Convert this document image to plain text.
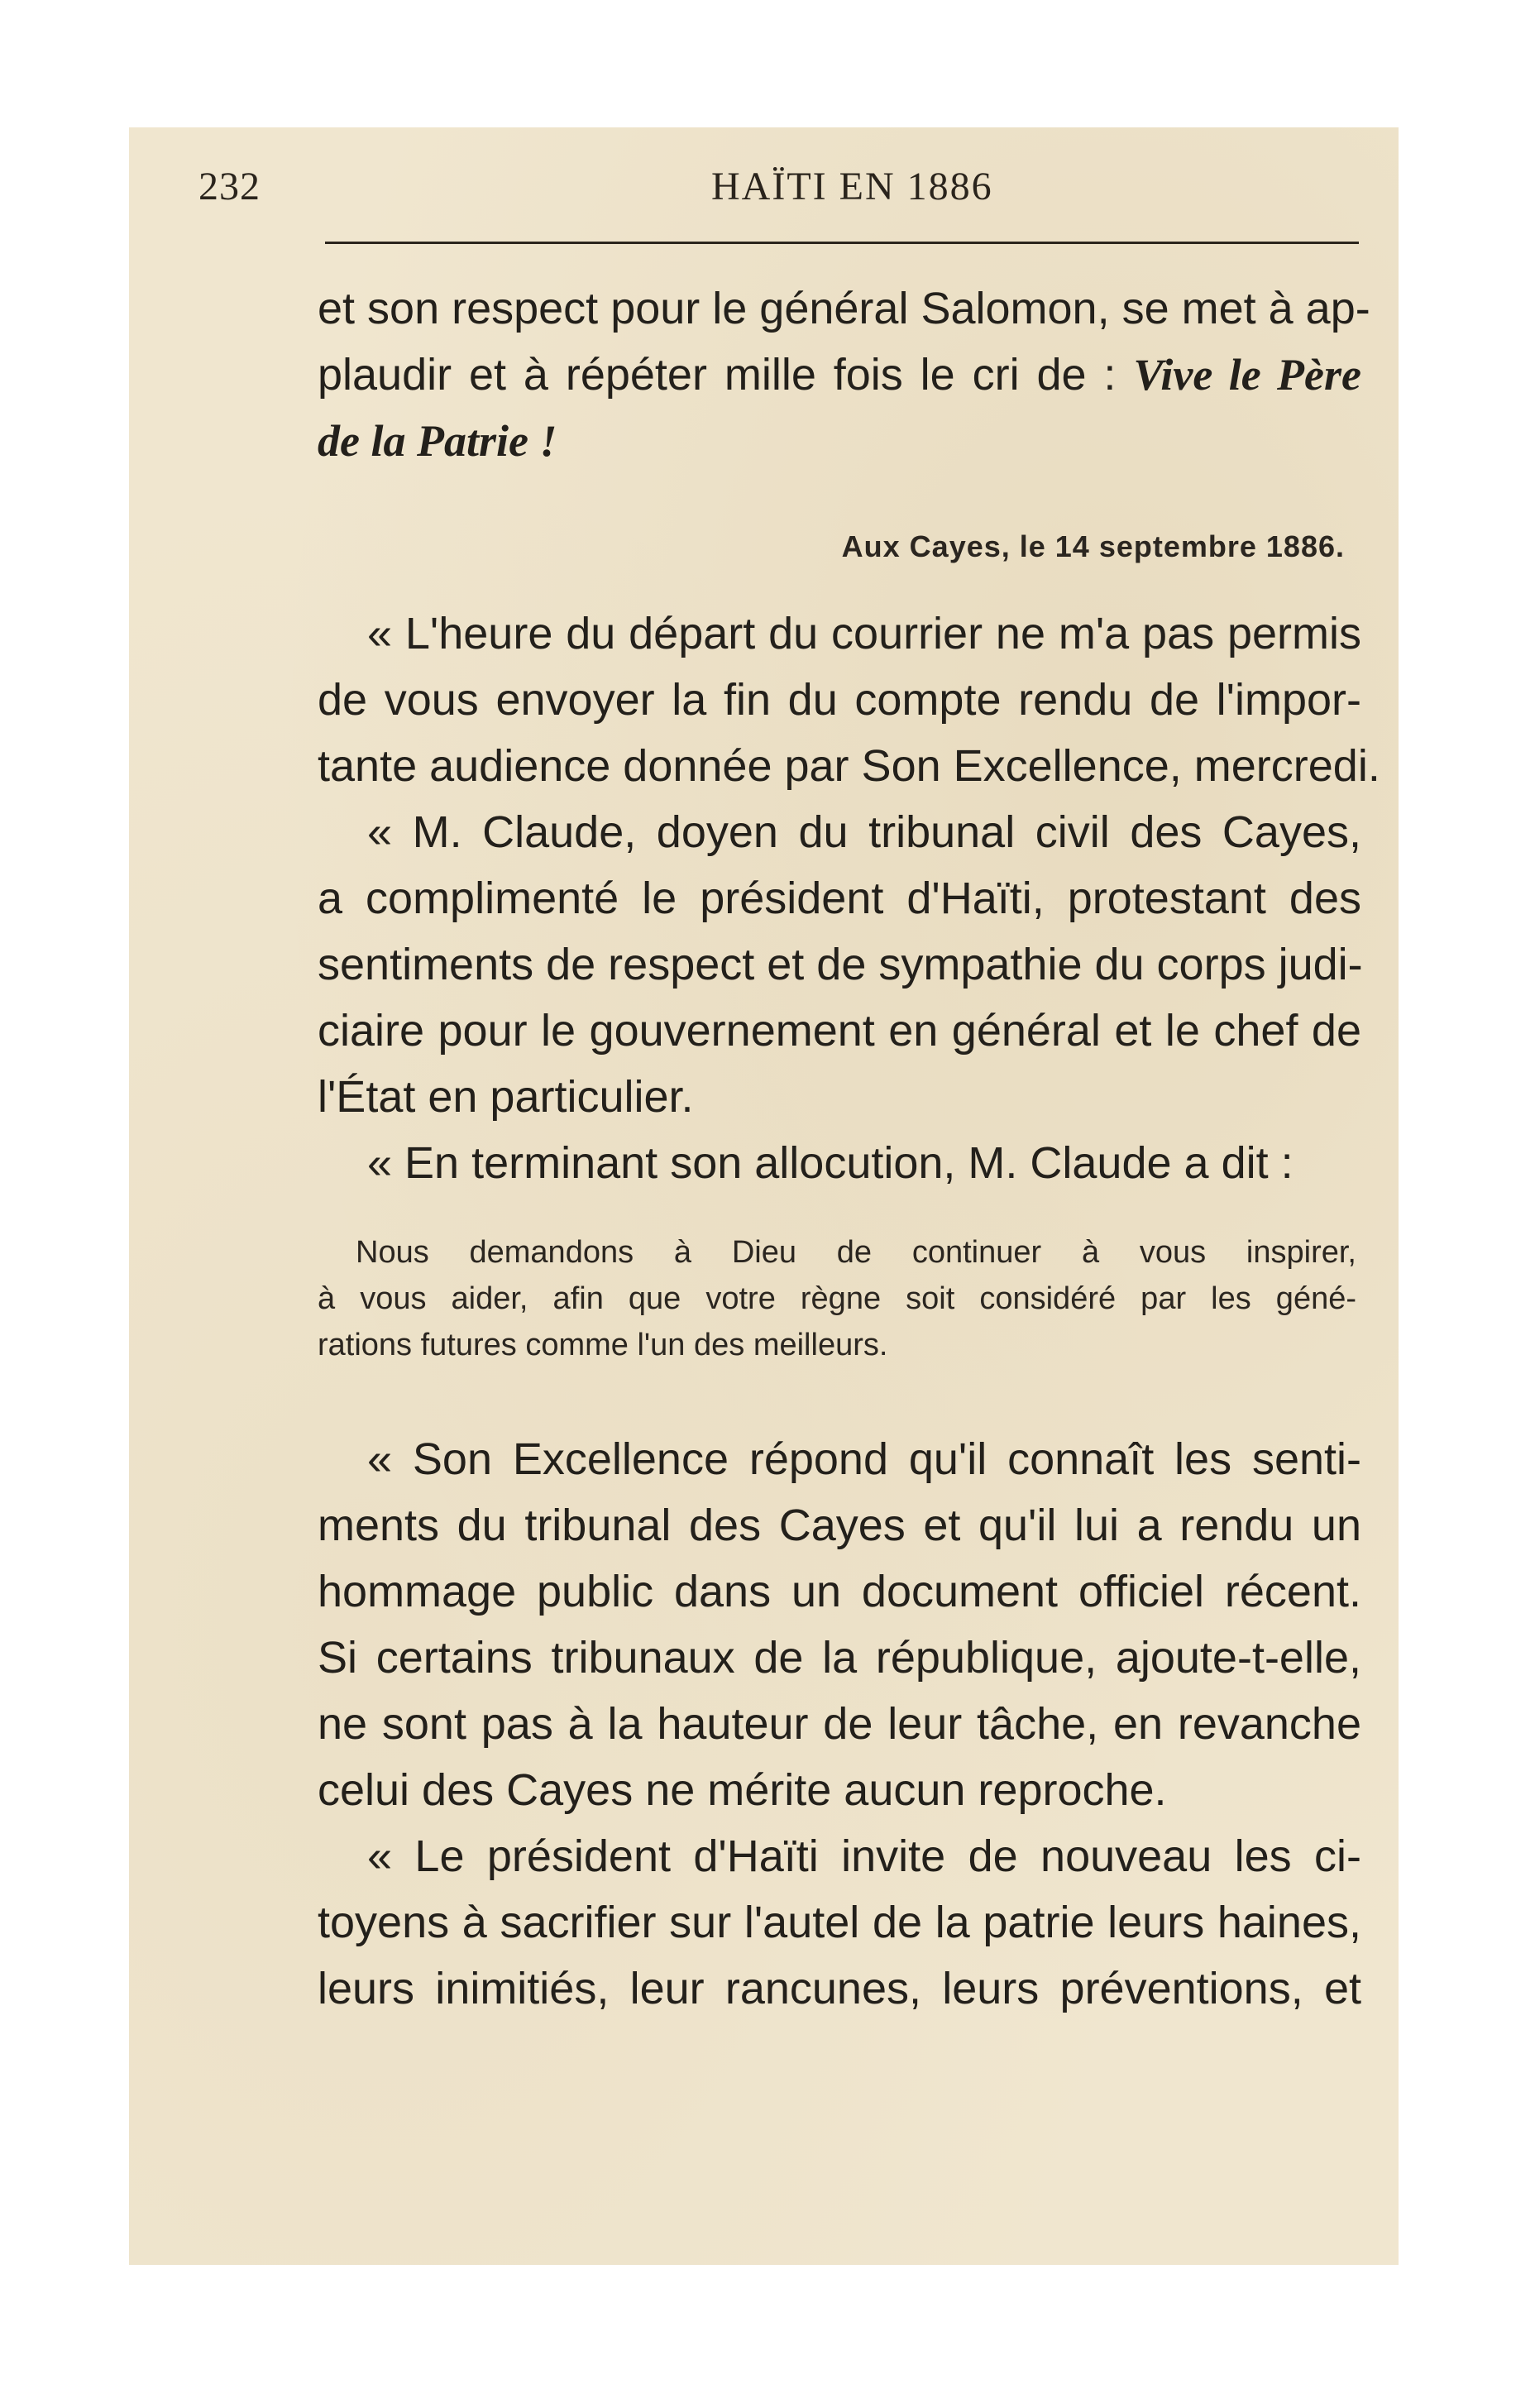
232	HAÏTI EN 1886
et son respect pour le général Salomon, se met à ap-
plaudir et à répéter mille fois le cri de : Vive le Père
de la Patrie !
Aux Cayes, le 14 septembre 1886.
« L'heure du départ du courrier ne m'a pas permis
de vous envoyer la fin du compte rendu de l'impor-
tante audience donnée par Son Excellence, mercredi.
« M. Claude, doyen du tribunal civil des Cayes,
a complimenté le président d'Haïti, protestant des
sentiments de respect et de sympathie du corps judi-
ciaire pour le gouvernement en général et le chef de
l'État en particulier.
« En terminant son allocution, M. Claude a dit :
Nous demandons à Dieu de continuer à vous inspirer,
à vous aider, afin que votre règne soit considéré par les géné-
rations futures comme l'un des meilleurs.
« Son Excellence répond qu'il connaît les senti-
ments du tribunal des Cayes et qu'il lui a rendu un
hommage public dans un document officiel récent.
Si certains tribunaux de la république, ajoute-t-elle,
ne sont pas à la hauteur de leur tâche, en revanche
celui des Cayes ne mérite aucun reproche.
« Le président d'Haïti invite de nouveau les ci-
toyens à sacrifier sur l'autel de la patrie leurs haines,
leurs inimitiés, leur rancunes, leurs préventions, et
